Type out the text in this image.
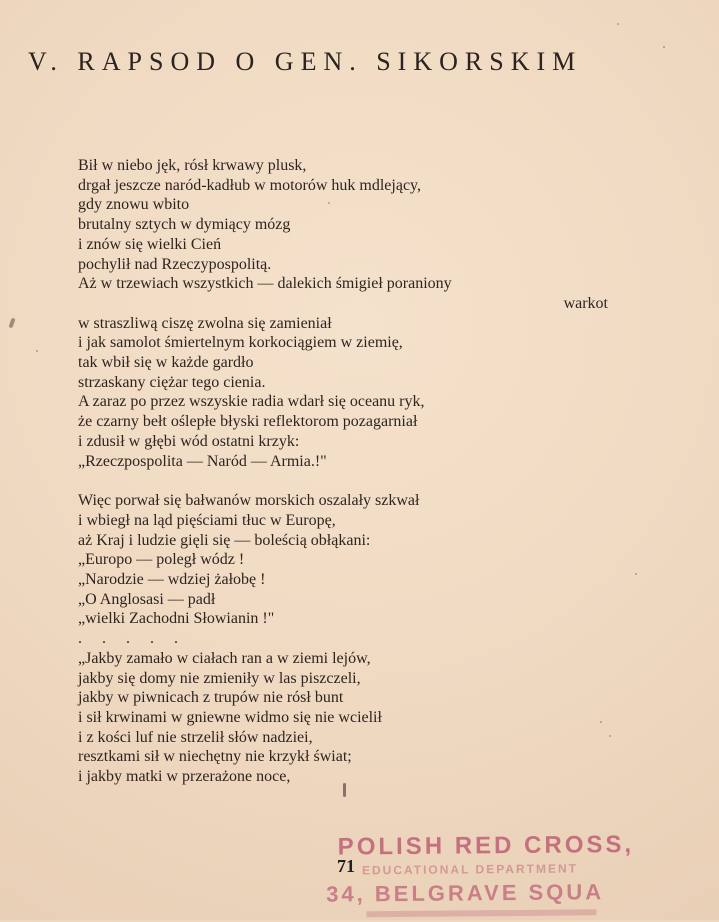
V. RAPSOD O GEN. SIKORSKIM
Bił w niebo jęk, rósł krwawy plusk,
drgał jeszcze naród-kadłub w motorów huk mdlejący,
gdy znowu wbito
brutalny sztych w dymiący mózg
i znów się wielki Cień
pochylił nad Rzeczypospolitą.
Aż w trzewiach wszystkich — dalekich śmigieł poraniony
warkot
w straszliwą ciszę zwolna się zamieniał
i jak samolot śmiertelnym korkociągiem w ziemię,
tak wbił się w każde gardło
strzaskany ciężar tego cienia.
A zaraz po przez wszyskie radia wdarł się oceanu ryk,
że czarny bełt oślepłe błyski reflektorom pozagarniał
i zdusił w głębi wód ostatni krzyk:
„Rzeczpospolita — Naród — Armia.!"
Więc porwał się bałwanów morskich oszalały szkwał
i wbiegł na ląd pięściami tłuc w Europę,
aż Kraj i ludzie gięli się — boleścią obłąkani:
„Europo — poległ wódz !
„Narodzie — wdziej żałobę !
„O Anglosasi — padł
„wielki Zachodni Słowianin !"
. . . . .
„Jakby zamało w ciałach ran a w ziemi lejów,
jakby się domy nie zmieniły w las piszczeli,
jakby w piwnicach z trupów nie rósł bunt
i sił krwinami w gniewne widmo się nie wcielił
i z kości luf nie strzelił słów nadziei,
resztkami sił w niechętny nie krzykł świat;
i jakby matki w przerażone noce,
POLISH RED CROSS,
EDUCATIONAL DEPARTMENT
34, BELGRAVE SQUA
71
